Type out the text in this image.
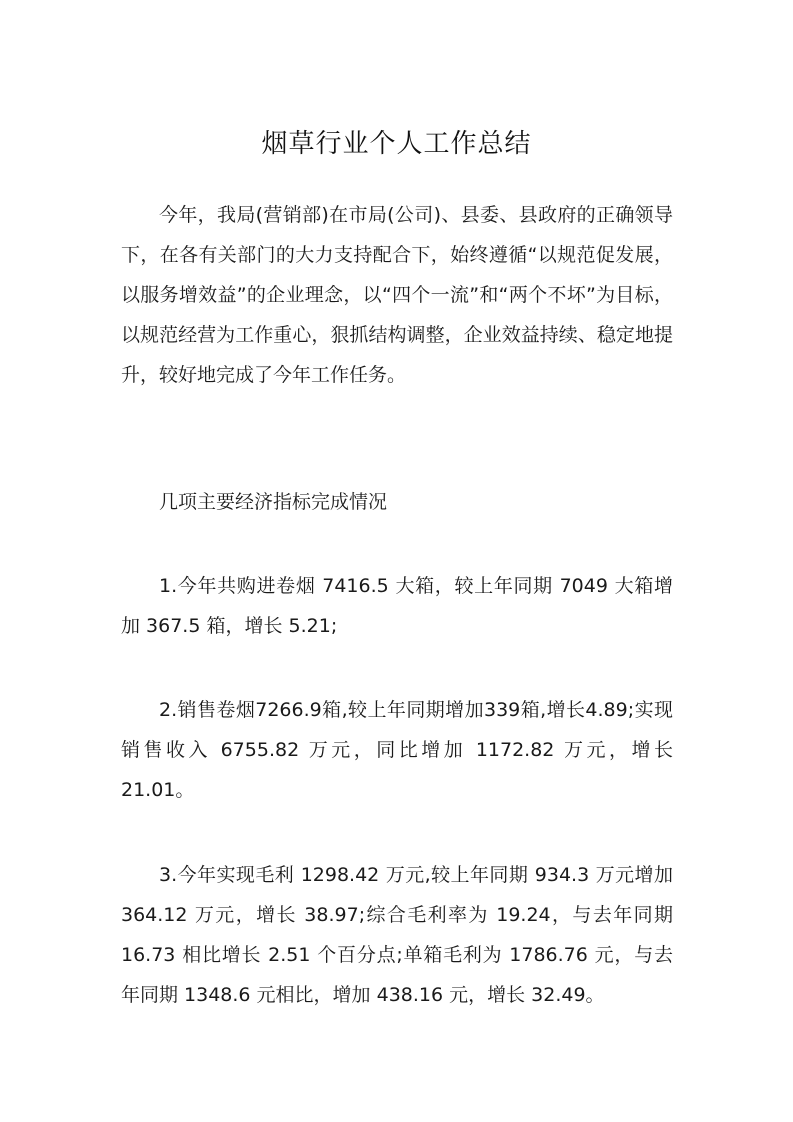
烟草行业个人工作总结

今年，我局(营销部)在市局(公司)、县委、县政府的正确领导下，在各有关部门的大力支持配合下，始终遵循“以规范促发展，以服务增效益”的企业理念，以“四个一流”和“两个不坏”为目标，以规范经营为工作重心，狠抓结构调整，企业效益持续、稳定地提升，较好地完成了今年工作任务。

几项主要经济指标完成情况

1.今年共购进卷烟 7416.5 大箱，较上年同期 7049 大箱增加 367.5 箱，增长 5.21;

2.销售卷烟7266.9箱,较上年同期增加339箱,增长4.89;实现销售收入 6755.82 万元，同比增加 1172.82 万元，增长21.01。

3.今年实现毛利 1298.42 万元,较上年同期 934.3 万元增加 364.12 万元，增长 38.97;综合毛利率为 19.24，与去年同期 16.73 相比增长 2.51 个百分点;单箱毛利为 1786.76 元，与去年同期 1348.6 元相比，增加 438.16 元，增长 32.49。
